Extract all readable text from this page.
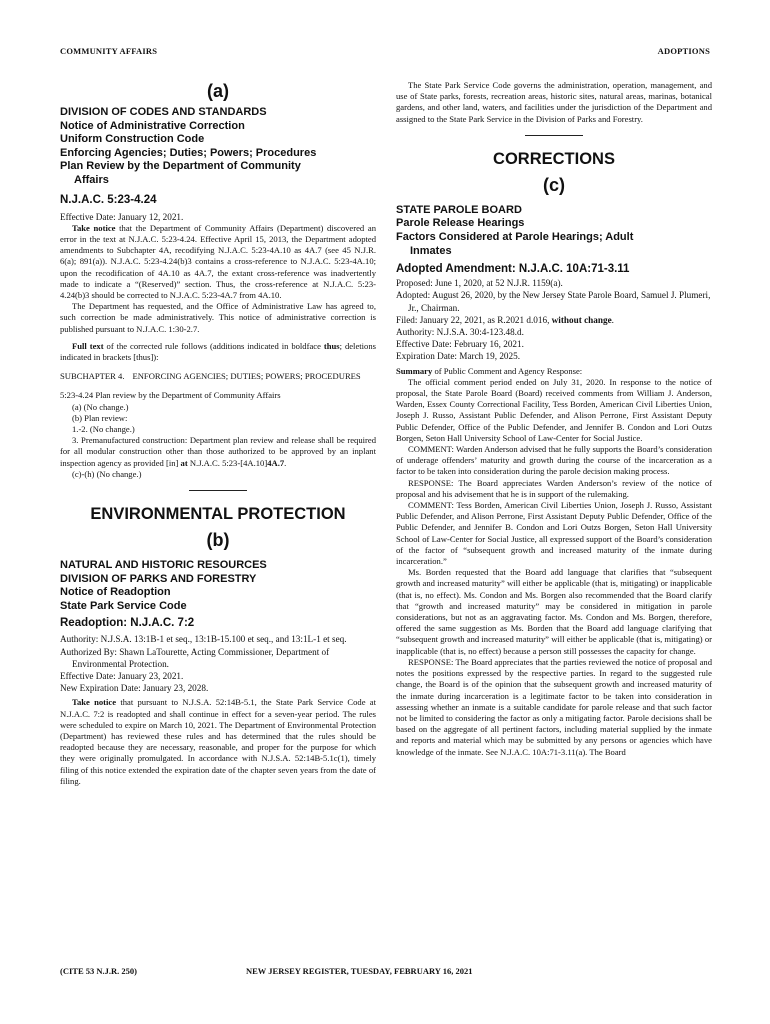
COMMUNITY AFFAIRS	ADOPTIONS
(a)
DIVISION OF CODES AND STANDARDS
Notice of Administrative Correction
Uniform Construction Code
Enforcing Agencies; Duties; Powers; Procedures
Plan Review by the Department of Community
Affairs
N.J.A.C. 5:23-4.24

Effective Date: January 12, 2021.

Take notice that the Department of Community Affairs (Department) discovered an error in the text at N.J.A.C. 5:23-4.24. Effective April 15, 2013, the Department adopted amendments to Subchapter 4A, recodifying N.J.A.C. 5:23-4A.10 as 4A.7 (see 45 N.J.R. 6(a); 891(a)). N.J.A.C. 5:23-4.24(b)3 contains a cross-reference to N.J.A.C. 5:23-4A.10; upon the recodification of 4A.10 as 4A.7, the extant cross-reference was inadvertently made to indicate a “(Reserved)” section. Thus, the cross-reference at N.J.A.C. 5:23-4.24(b)3 should be corrected to N.J.A.C. 5:23-4A.7 from 4A.10.

The Department has requested, and the Office of Administrative Law has agreed to, such correction be made administratively. This notice of administrative correction is published pursuant to N.J.A.C. 1:30-2.7.

Full text of the corrected rule follows (additions indicated in boldface thus; deletions indicated in brackets [thus]):

SUBCHAPTER 4. ENFORCING AGENCIES; DUTIES; POWERS; PROCEDURES

5:23-4.24 Plan review by the Department of Community Affairs

(a) (No change.)

(b) Plan review:

1.-2. (No change.)

3. Premanufactured construction: Department plan review and release shall be required for all modular construction other than those authorized to be approved by an inplant inspection agency as provided [in] at N.J.A.C. 5:23-[4A.10]4A.7.

(c)-(h) (No change.)

ENVIRONMENTAL PROTECTION
(b)
NATURAL AND HISTORIC RESOURCES
DIVISION OF PARKS AND FORESTRY
Notice of Readoption
State Park Service Code
Readoption: N.J.A.C. 7:2

Authority: N.J.S.A. 13:1B-1 et seq., 13:1B-15.100 et seq., and 13:1L-1 et seq.

Authorized By: Shawn LaTourette, Acting Commissioner, Department of Environmental Protection.

Effective Date: January 23, 2021.

New Expiration Date: January 23, 2028.

Take notice that pursuant to N.J.S.A. 52:14B-5.1, the State Park Service Code at N.J.A.C. 7:2 is readopted and shall continue in effect for a seven-year period. The rules were scheduled to expire on March 10, 2021. The Department of Environmental Protection (Department) has reviewed these rules and has determined that the rules should be readopted because they are necessary, reasonable, and proper for the purpose for which they were originally promulgated. In accordance with N.J.S.A. 52:14B-5.1c(1), timely filing of this notice extended the expiration date of the chapter seven years from the date of filing.

The State Park Service Code governs the administration, operation, management, and use of State parks, forests, recreation areas, historic sites, natural areas, marinas, botanical gardens, and other land, waters, and facilities under the jurisdiction of the Department and assigned to the State Park Service in the Division of Parks and Forestry.

CORRECTIONS
(c)
STATE PAROLE BOARD
Parole Release Hearings
Factors Considered at Parole Hearings; Adult
Inmates
Adopted Amendment: N.J.A.C. 10A:71-3.11

Proposed: June 1, 2020, at 52 N.J.R. 1159(a).

Adopted: August 26, 2020, by the New Jersey State Parole Board, Samuel J. Plumeri, Jr., Chairman.

Filed: January 22, 2021, as R.2021 d.016, without change.

Authority: N.J.S.A. 30:4-123.48.d.

Effective Date: February 16, 2021.

Expiration Date: March 19, 2025.

Summary of Public Comment and Agency Response:

The official comment period ended on July 31, 2020. In response to the notice of proposal, the State Parole Board (Board) received comments from William J. Anderson, Warden, Essex County Correctional Facility, Tess Borden, American Civil Liberties Union, Joseph J. Russo, Assistant Public Defender, and Alison Perrone, First Assistant Deputy Public Defender, Office of the Public Defender, and Jennifer B. Condon and Lori Outzs Borgen, Seton Hall University School of Law-Center for Social Justice.

COMMENT: Warden Anderson advised that he fully supports the Board’s consideration of underage offenders’ maturity and growth during the course of the incarceration as a factor to be taken into consideration during the parole decision making process.

RESPONSE: The Board appreciates Warden Anderson’s review of the notice of proposal and his advisement that he is in support of the rulemaking.

COMMENT: Tess Borden, American Civil Liberties Union, Joseph J. Russo, Assistant Public Defender, and Alison Perrone, First Assistant Deputy Public Defender, Office of the Public Defender, and Jennifer B. Condon and Lori Outzs Borgen, Seton Hall University School of Law-Center for Social Justice, all expressed support of the Board’s consideration of the factor of “subsequent growth and increased maturity of the inmate during incarceration.”

Ms. Borden requested that the Board add language that clarifies that “subsequent growth and increased maturity” will either be applicable (that is, mitigating) or inapplicable (that is, no effect). Ms. Condon and Ms. Borgen also recommended that the Board clarify that “growth and increased maturity” may be considered in mitigation in parole considerations, but not as an aggravating factor. Ms. Condon and Ms. Borgen, therefore, offered the same suggestion as Ms. Borden that the Board add language clarifying that “subsequent growth and increased maturity” will either be applicable (that is, mitigating) or inapplicable (that is, no effect) because a person still possesses the capacity for change.

RESPONSE: The Board appreciates that the parties reviewed the notice of proposal and notes the positions expressed by the respective parties. In regard to the suggested rule change, the Board is of the opinion that the subsequent growth and increased maturity of the inmate during incarceration is a legitimate factor to be taken into consideration in assessing whether an inmate is a suitable candidate for parole release and that such factor not be limited to considering the factor as only a mitigating factor. Parole decisions shall be based on the aggregate of all pertinent factors, including material supplied by the inmate and reports and material which may be submitted by any persons or agencies which have knowledge of the inmate. See N.J.A.C. 10A:71-3.11(a). The Board

(CITE 53 N.J.R. 250)	NEW JERSEY REGISTER, TUESDAY, FEBRUARY 16, 2021
